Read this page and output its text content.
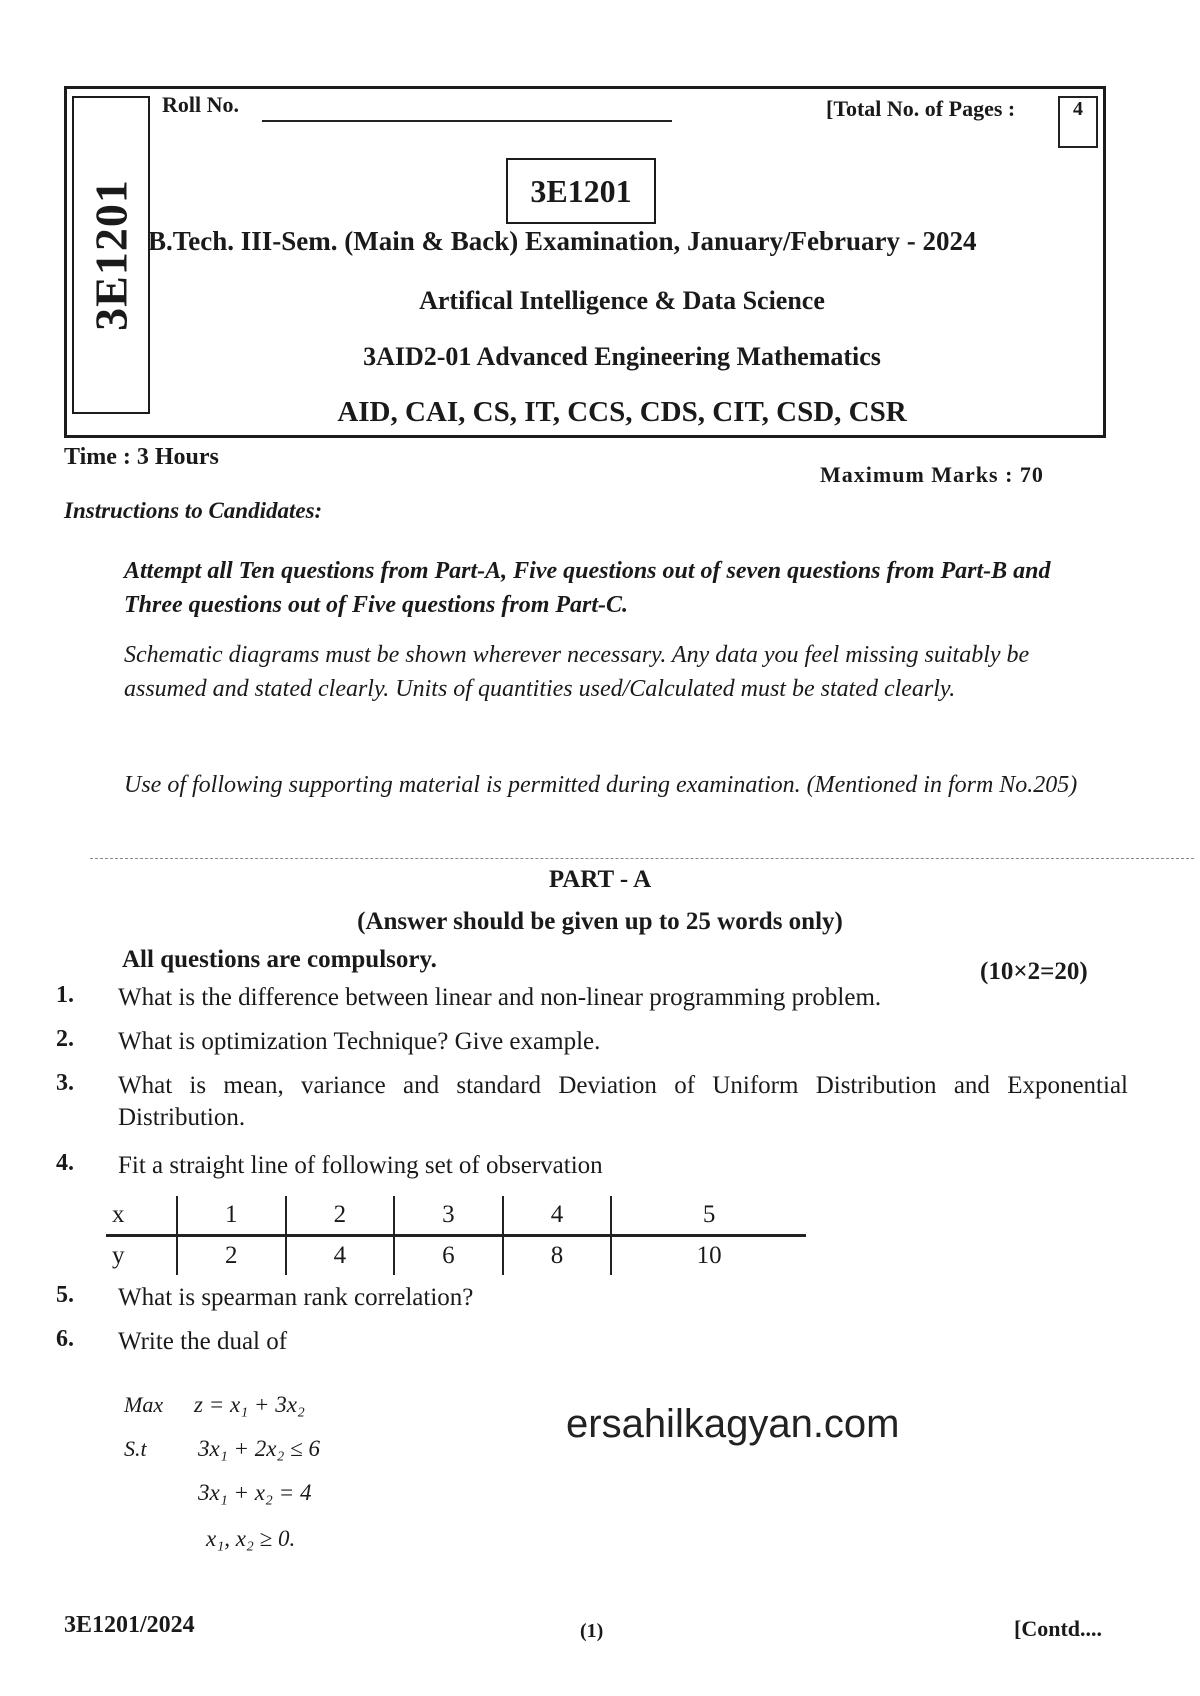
3E1201
Roll No.	[Total No. of Pages :	4
3E1201
B.Tech. III-Sem. (Main & Back) Examination, January/February - 2024
Artifical Intelligence & Data Science
3AID2-01 Advanced Engineering Mathematics
AID, CAI, CS, IT, CCS, CDS, CIT, CSD, CSR
Time : 3 Hours
Maximum Marks : 70
Instructions to Candidates:
Attempt all Ten questions from Part-A, Five questions out of seven questions from Part-B and Three questions out of Five questions from Part-C.
Schematic diagrams must be shown wherever necessary. Any data you feel missing suitably be assumed and stated clearly. Units of quantities used/Calculated must be stated clearly.
Use of following supporting material is permitted during examination. (Mentioned in form No.205)
PART - A
(Answer should be given up to 25 words only)
All questions are compulsory.	(10×2=20)
1. What is the difference between linear and non-linear programming problem.
2. What is optimization Technique? Give example.
3. What is mean, variance and standard Deviation of Uniform Distribution and Exponential Distribution.
4. Fit a straight line of following set of observation
x	1	2	3	4	5
y	2	4	6	8	10
5. What is spearman rank correlation?
6. Write the dual of
Max	z = x₁ + 3x₂
S.t	3x₁ + 2x₂ ≤ 6
3x₁ + x₂ = 4
x₁, x₂ ≥ 0.
ersahilkagyan.com
3E1201/2024	(1)	[Contd....
